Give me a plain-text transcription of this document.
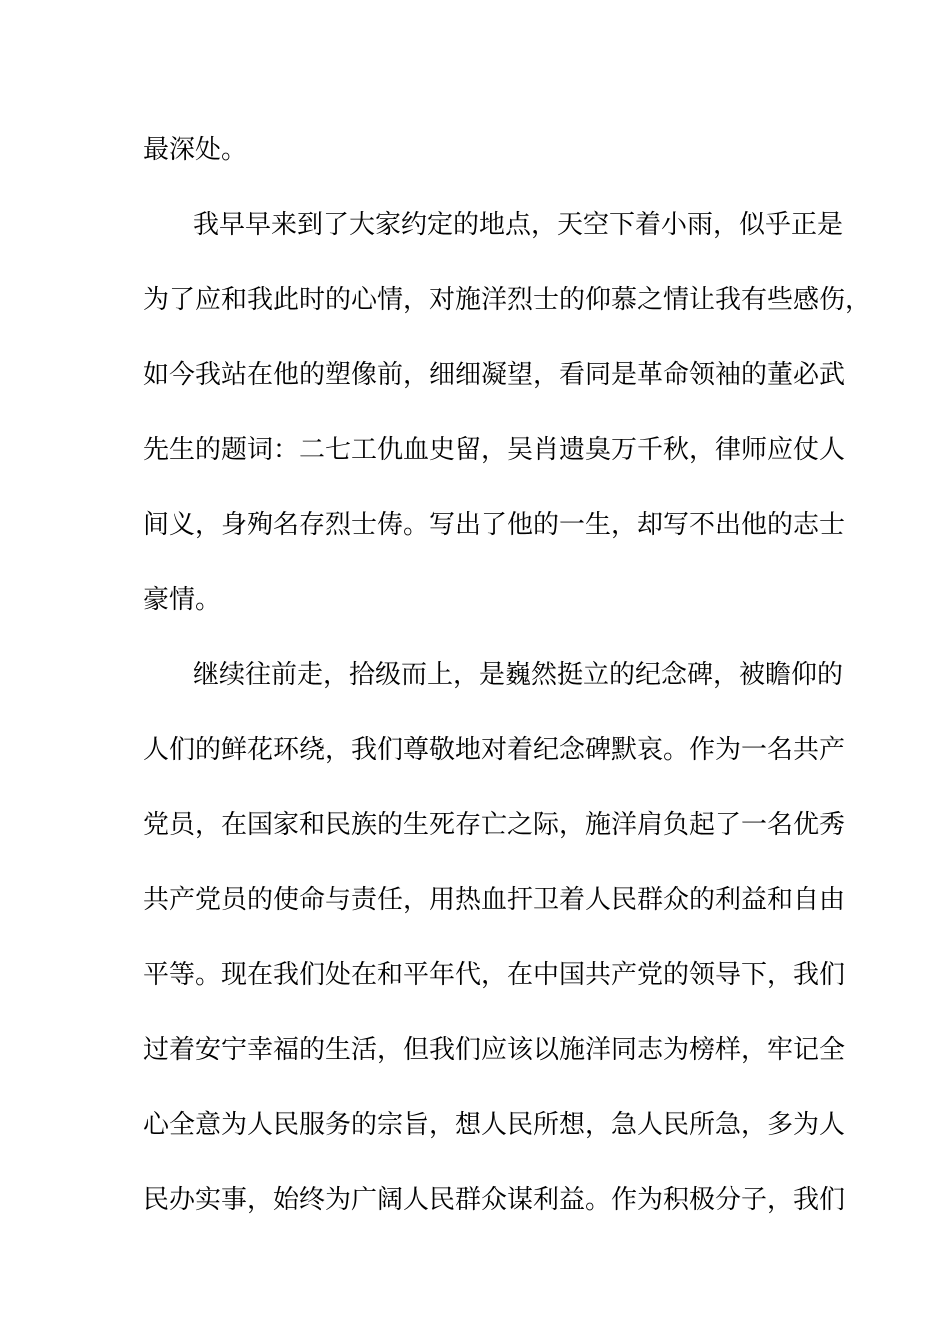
最深处。

我早早来到了大家约定的地点，天空下着小雨，似乎正是

为了应和我此时的心情，对施洋烈士的仰慕之情让我有些感伤，

如今我站在他的塑像前，细细凝望，看同是革命领袖的董必武

先生的题词：二七工仇血史留，吴肖遗臭万千秋，律师应仗人

间义，身殉名存烈士俦。写出了他的一生，却写不出他的志士

豪情。

继续往前走，拾级而上，是巍然挺立的纪念碑，被瞻仰的

人们的鲜花环绕，我们尊敬地对着纪念碑默哀。作为一名共产

党员，在国家和民族的生死存亡之际，施洋肩负起了一名优秀

共产党员的使命与责任，用热血扞卫着人民群众的利益和自由

平等。现在我们处在和平年代，在中国共产党的领导下，我们

过着安宁幸福的生活，但我们应该以施洋同志为榜样，牢记全

心全意为人民服务的宗旨，想人民所想，急人民所急，多为人

民办实事，始终为广阔人民群众谋利益。作为积极分子，我们
